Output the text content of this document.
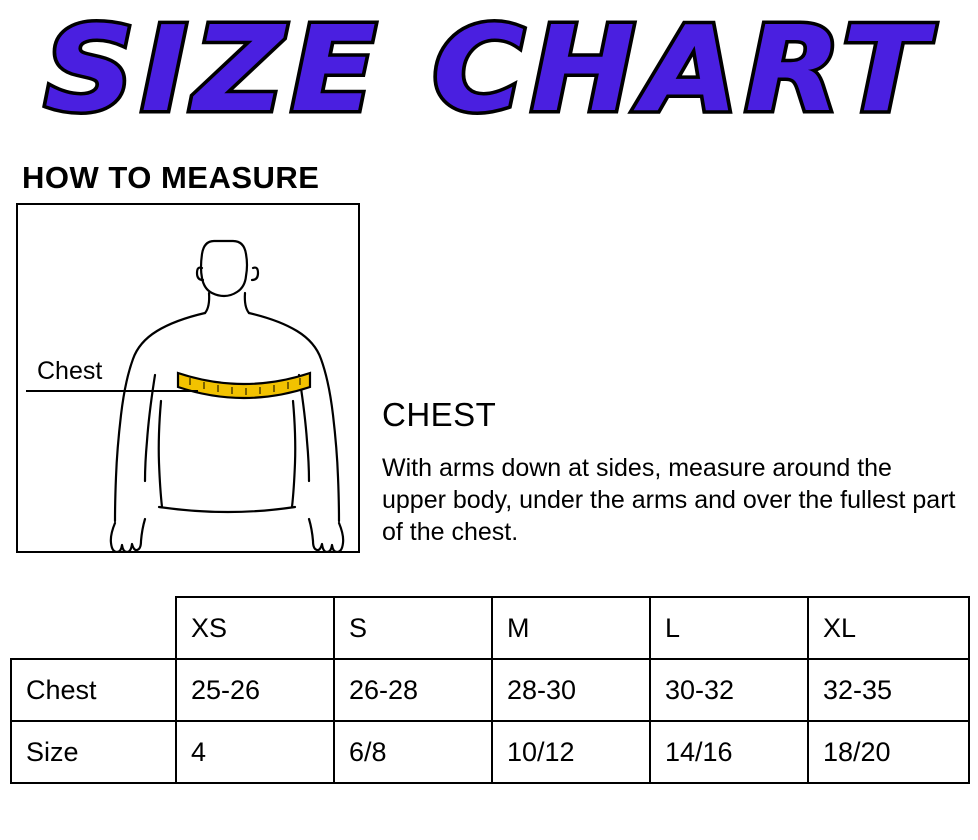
SIZE CHART
HOW TO MEASURE
Chest
CHEST
With arms down at sides, measure around the upper body, under the arms and over the fullest part of the chest.
	XS	S	M	L	XL
Chest	25-26	26-28	28-30	30-32	32-35
Size	4	6/8	10/12	14/16	18/20
